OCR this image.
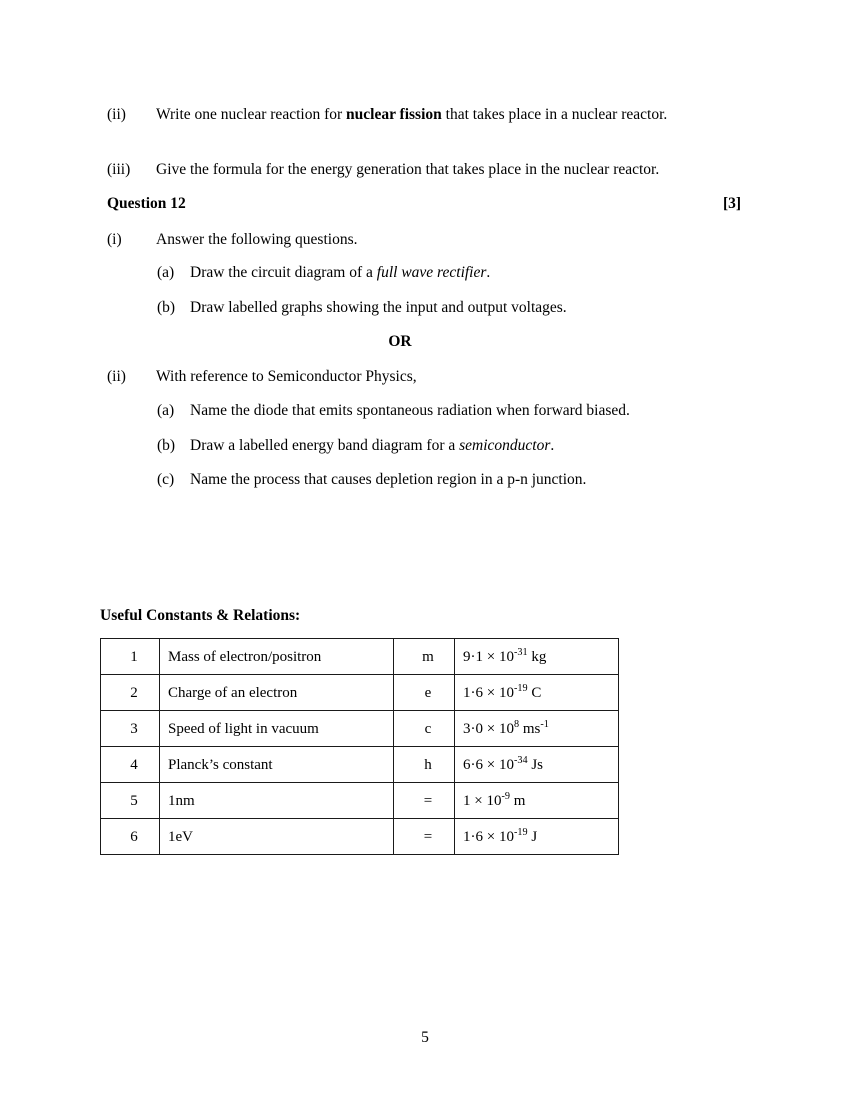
(ii) Write one nuclear reaction for nuclear fission that takes place in a nuclear reactor.
(iii) Give the formula for the energy generation that takes place in the nuclear reactor.
Question 12	[3]
(i) Answer the following questions.
(a) Draw the circuit diagram of a full wave rectifier.
(b) Draw labelled graphs showing the input and output voltages.
OR
(ii) With reference to Semiconductor Physics,
(a) Name the diode that emits spontaneous radiation when forward biased.
(b) Draw a labelled energy band diagram for a semiconductor.
(c) Name the process that causes depletion region in a p-n junction.
Useful Constants & Relations:
1	Mass of electron/positron	m	$9\cdot 1 \times 10^{-31}$ kg
2	Charge of an electron	e	$1\cdot 6 \times 10^{-19}$ C
3	Speed of light in vacuum	c	$3\cdot 0 \times 10^8$ $ms^{-1}$
4	Planck’s constant	h	$6\cdot 6 \times 10^{-34}$ Js
5	1nm	=	$1 \times 10^{-9}$ m
6	1eV	=	$1\cdot 6 \times 10^{-19}$ J
5
